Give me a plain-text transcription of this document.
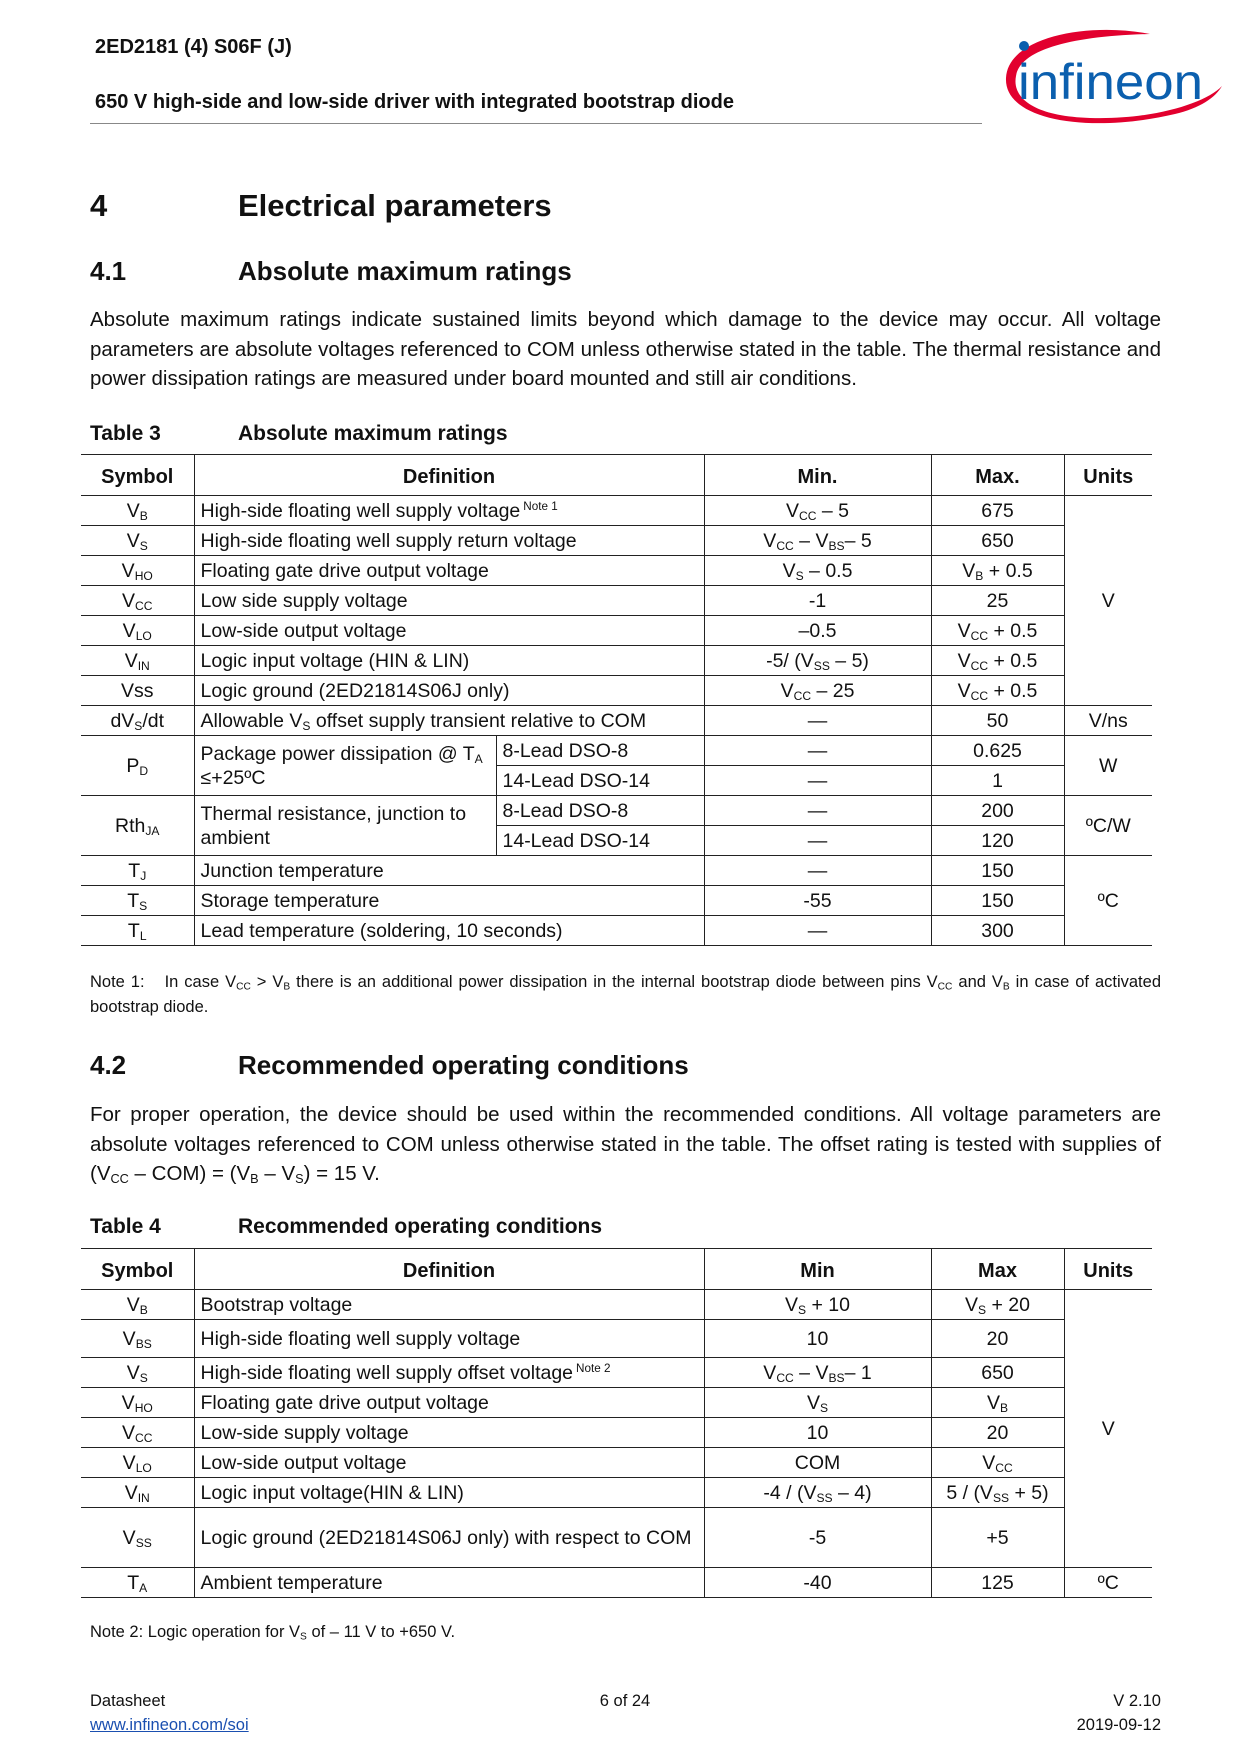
2ED2181 (4) S06F (J)
650 V high-side and low-side driver with integrated bootstrap diode	infineon
4	Electrical parameters
4.1	Absolute maximum ratings
Absolute maximum ratings indicate sustained limits beyond which damage to the device may occur. All voltage parameters are absolute voltages referenced to COM unless otherwise stated in the table. The thermal resistance and power dissipation ratings are measured under board mounted and still air conditions.
Table 3	Absolute maximum ratings
Symbol	Definition		Min.	Max.	Units
$V_B$	High-side floating well supply voltage $^{Note 1}$		$V_{CC} - 5$	675	V
$V_S$	High-side floating well supply return voltage		$V_{CC} - V_{BS}-$ 5	650	
$V_{HO}$	Floating gate drive output voltage		$V_S - 0.5$	$V_B + 0.5$	
$V_{CC}$	Low side supply voltage		-1	25	
$V_{LO}$	Low-side output voltage		–0.5	$V_{CC} + 0.5$	
$V_{IN}$	Logic input voltage (HIN & LIN)		-5/ $(V_{SS} - 5)$	$V_{CC} + 0.5$	
Vss	Logic ground (2ED21814S06J only)		$V_{CC} - 25$	$V_{CC} + 0.5$	
$dV_S/dt$	Allowable $V_S$ offset supply transient relative to COM		—	50	V/ns
$P_D$	Package power dissipation @ $T_A$ ≤+25ºC	8-Lead DSO-8	—	0.625	W
		14-Lead DSO-14	—	1	
Rth$_{JA}$	Thermal resistance, junction to ambient	8-Lead DSO-8	—	200	ºC/W
		14-Lead DSO-14	—	120	
$T_J$	Junction temperature		—	150	ºC
$T_S$	Storage temperature		-55	150	
$T_L$	Lead temperature (soldering, 10 seconds)		—	300	
Note 1: In case $V_{CC} > V_B$ there is an additional power dissipation in the internal bootstrap diode between pins $V_{CC}$ and $V_B$ in case of activated bootstrap diode.
4.2	Recommended operating conditions
For proper operation, the device should be used within the recommended conditions. All voltage parameters are absolute voltages referenced to COM unless otherwise stated in the table. The offset rating is tested with supplies of $(V_{CC} - COM) = (V_B - V_S) = 15$ V.
Table 4	Recommended operating conditions
Symbol	Definition	Min	Max	Units
$V_B$	Bootstrap voltage	$V_S + 10$	$V_S + 20$	V
$V_{BS}$	High-side floating well supply voltage	10	20	
$V_S$	High-side floating well supply offset voltage $^{Note 2}$	$V_{CC} - V_{BS}-$ 1	650	
$V_{HO}$	Floating gate drive output voltage	$V_S$	$V_B$
$V_{CC}$	Low-side supply voltage	10	20	
$V_{LO}$	Low-side output voltage	COM	$V_{CC}$
$V_{IN}$	Logic input voltage(HIN & LIN)	$-4 / (V_{SS} - 4)$	$5 / (V_{SS} + 5)$	
$V_{SS}$	Logic ground (2ED21814S06J only) with respect to COM	-5	+5	
$T_A$	Ambient temperature	-40	125	ºC
Note 2: Logic operation for $V_S$ of – 11 V to +650 V.
Datasheet
www.infineon.com/soi
6 of 24	V 2.10
2019-09-12
